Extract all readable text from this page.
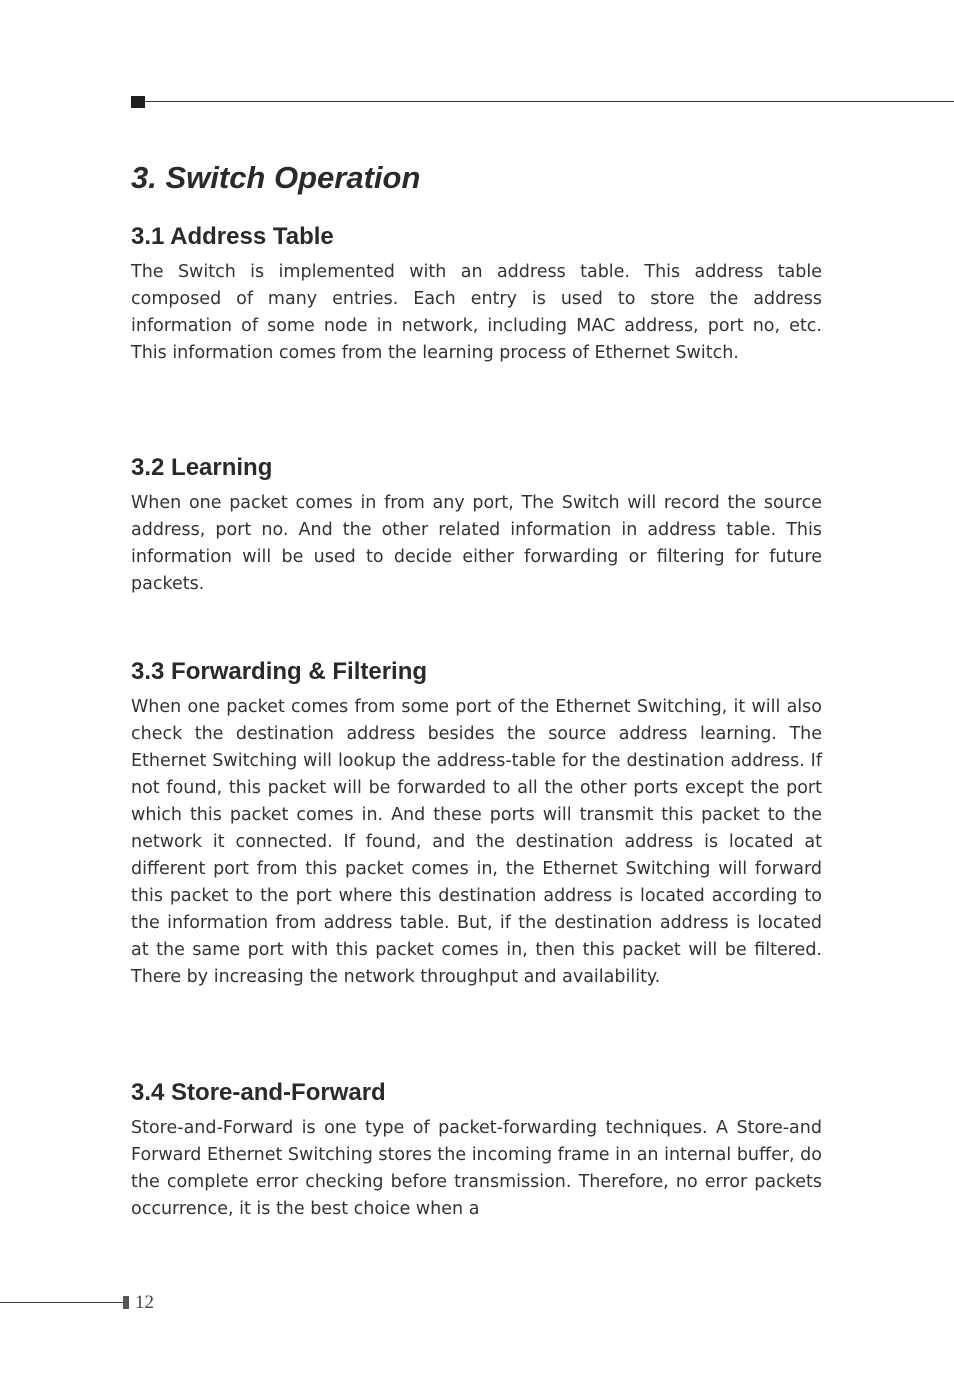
3. Switch Operation
3.1 Address Table

The Switch is implemented with an address table. This address table composed of many entries. Each entry is used to store the address information of some node in network, including MAC address, port no, etc. This information comes from the learning process of Ethernet Switch.

3.2 Learning

When one packet comes in from any port, The Switch will record the source address, port no. And the other related information in address table. This information will be used to decide either forwarding or filtering for future packets.

3.3 Forwarding & Filtering

When one packet comes from some port of the Ethernet Switching, it will also check the destination address besides the source address learning. The Ethernet Switching will lookup the address-table for the destination address. If not found, this packet will be forwarded to all the other ports except the port which this packet comes in. And these ports will transmit this packet to the network it connected. If found, and the destination address is located at different port from this packet comes in, the Ethernet Switching will forward this packet to the port where this destination address is located according to the information from address table. But, if the destination address is located at the same port with this packet comes in, then this packet will be filtered. There by increasing the network throughput and availability.

3.4 Store-and-Forward

Store-and-Forward is one type of packet-forwarding techniques. A Store-and Forward Ethernet Switching stores the incoming frame in an internal buffer, do the complete error checking before transmission. Therefore, no error packets occurrence, it is the best choice when a

12
